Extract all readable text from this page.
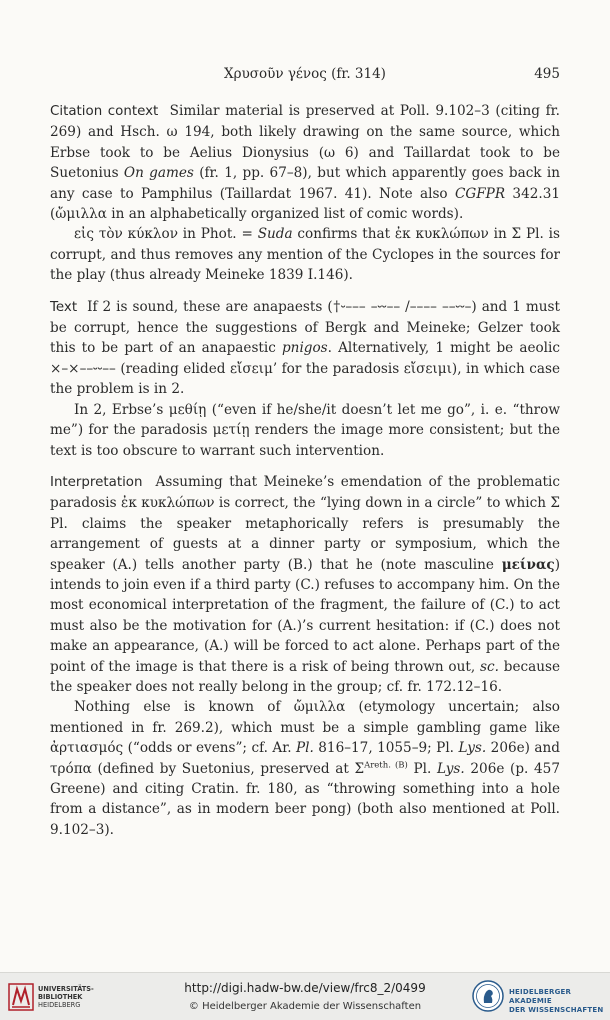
Χρυσοῦν γένος (fr. 314)	495

Citation context Similar material is preserved at Poll. 9.102–3 (citing fr. 269) and Hsch. ω 194, both likely drawing on the same source, which Erbse took to be Aelius Dionysius (ω 6) and Taillardat took to be Suetonius On games (fr. 1, pp. 67–8), but which apparently goes back in any case to Pamphilus (Taillardat 1967. 41). Note also CGFPR 342.31 (ὤμιλλα in an alphabetically organized list of comic words).

εἰς τὸν κύκλον in Phot. = Suda confirms that ἐκ κυκλώπων in Σ Pl. is corrupt, and thus removes any mention of the Cyclopes in the sources for the play (thus already Meineke 1839 I.146).

Text If 2 is sound, these are anapaests (†⏑––– –⏑⏑–– /–––– ––⏑⏑–) and 1 must be corrupt, hence the suggestions of Bergk and Meineke; Gelzer took this to be part of an anapaestic pnigos. Alternatively, 1 might be aeolic ×–×––⏑⏑–– (reading elided εἴσειμ’ for the paradosis εἴσειμι), in which case the problem is in 2.

In 2, Erbse’s μεθίῃ (“even if he/she/it doesn’t let me go”, i. e. “throw me”) for the paradosis μετίῃ renders the image more consistent; but the text is too obscure to warrant such intervention.

Interpretation Assuming that Meineke’s emendation of the problematic paradosis ἐκ κυκλώπων is correct, the “lying down in a circle” to which Σ Pl. claims the speaker metaphorically refers is presumably the arrangement of guests at a dinner party or symposium, which the speaker (A.) tells another party (B.) that he (note masculine μείνας) intends to join even if a third party (C.) refuses to accompany him. On the most economical interpretation of the fragment, the failure of (C.) to act must also be the motivation for (A.)’s current hesitation: if (C.) does not make an appearance, (A.) will be forced to act alone. Perhaps part of the point of the image is that there is a risk of being thrown out, sc. because the speaker does not really belong in the group; cf. fr. 172.12–16.

Nothing else is known of ὤμιλλα (etymology uncertain; also mentioned in fr. 269.2), which must be a simple gambling game like ἀρτιασμός (“odds or evens”; cf. Ar. Pl. 816–17, 1055–9; Pl. Lys. 206e) and τρόπα (defined by Suetonius, preserved at $\Sigma^{Areth. (B)}$ Pl. Lys. 206e (p. 457 Greene) and citing Cratin. fr. 180, as “throwing something into a hole from a distance”, as in modern beer pong) (both also mentioned at Poll. 9.102–3).

UNIVERSITÄTS-
BIBLIOTHEK
HEIDELBERG
http://digi.hadw-bw.de/view/frc8_2/0499
© Heidelberger Akademie der Wissenschaften
HEIDELBERGER AKADEMIE
DER WISSENSCHAFTEN
